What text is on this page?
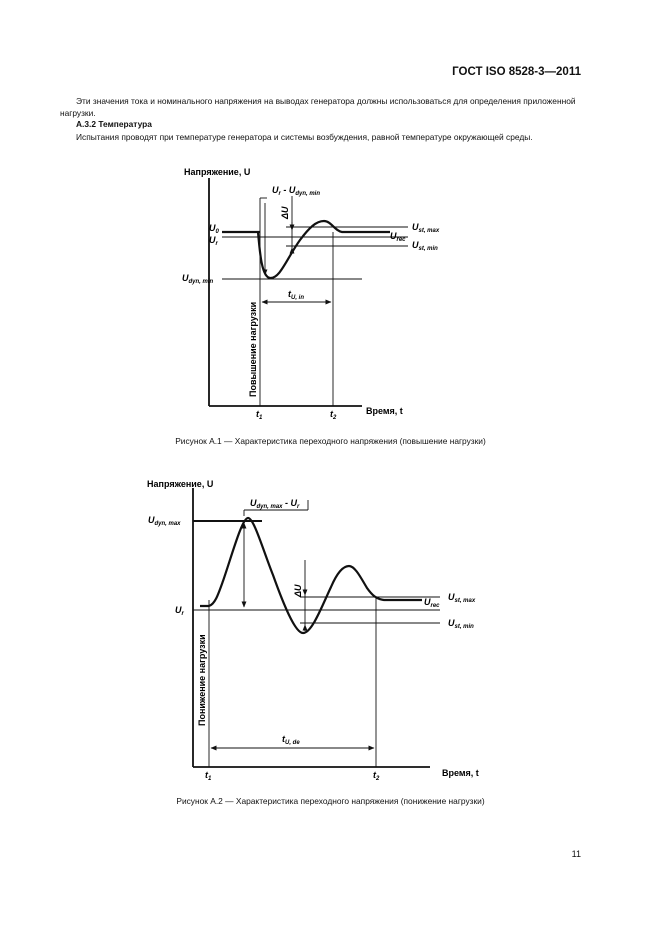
ГОСТ ISO 8528-3—2011
Эти значения тока и номинального напряжения на выводах генератора должны использоваться для определения приложенной нагрузки.
А.3.2 Температура
Испытания проводят при температуре генератора и системы возбуждения, равной температуре окружающей среды.
Напряжение, U
Время, t
$U_0$
$U_r$
$U_{dyn, min}$
$U_r - U_{dyn, min}$
ΔU
$U_{st, max}$
$U_{rec}$ $U_{st, min}$
$t_{U, in}$
$t_1$	$t_2$
Повышение нагрузки
Рисунок А.1 — Характеристика переходного напряжения (повышение нагрузки)
Напряжение, U
Время, t
$U_{dyn, max}$
$U_r$
$U_{dyn, max} - U_r$
ΔU	$U_{st, max}$
$U_{rec}$
$U_{st, min}$
$t_{U, de}$
$t_1$	$t_2$
Понижение нагрузки
Рисунок А.2 — Характеристика переходного напряжения (понижение нагрузки)
11
